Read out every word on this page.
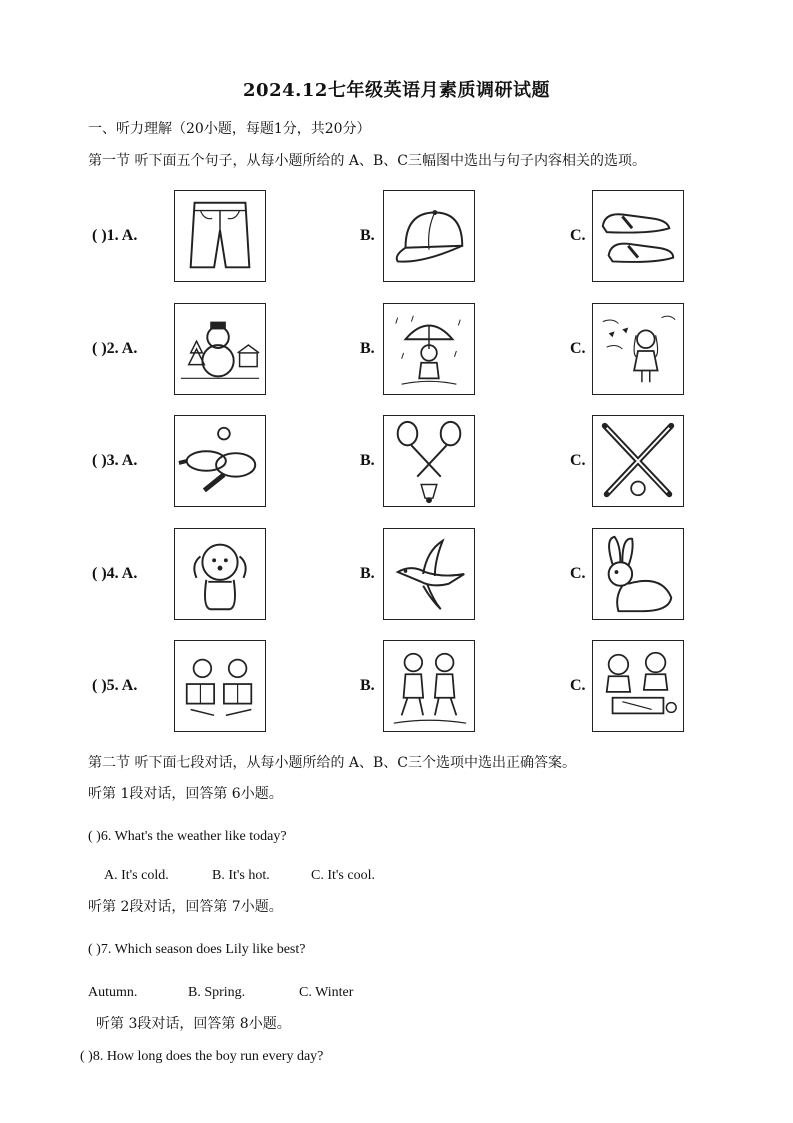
2024.12七年级英语月素质调研试题
一、听力理解（20小题，每题1分，共20分）
第一节 听下面五个句子，从每小题所给的 A、B、C三幅图中选出与句子内容相关的选项。
( )1. A.	B.	C.
( )2. A.	B.	C.
( )3. A.	B.	C.
( )4. A.	B.	C.
( )5. A.	B.	C.
第二节 听下面七段对话，从每小题所给的 A、B、C三个选项中选出正确答案。
听第 1段对话，回答第 6小题。
( )6. What's the weather like today?
A. It's cold.	B. It's hot.	C. It's cool.
听第 2段对话，回答第 7小题。
( )7. Which season does Lily like best?
Autumn.	B. Spring.	C. Winter
听第 3段对话，回答第 8小题。
( )8. How long does the boy run every day?
